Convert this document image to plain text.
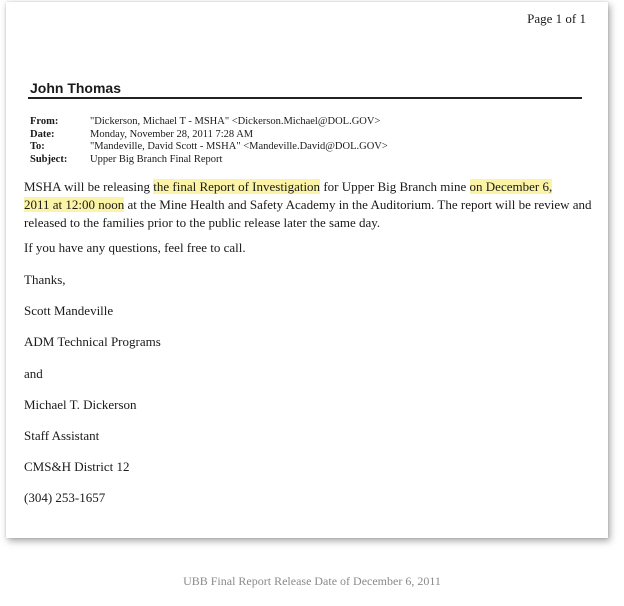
Page 1 of 1
John Thomas
From:	"Dickerson, Michael T - MSHA" <Dickerson.Michael@DOL.GOV>
Date:	Monday, November 28, 2011 7:28 AM
To:	"Mandeville, David Scott - MSHA" <Mandeville.David@DOL.GOV>
Subject:	Upper Big Branch Final Report
MSHA will be releasing the final Report of Investigation for Upper Big Branch mine on December 6,
2011 at 12:00 noon at the Mine Health and Safety Academy in the Auditorium. The report will be review and released to the families prior to the public release later the same day.
If you have any questions, feel free to call.
Thanks,
Scott Mandeville
ADM Technical Programs
and
Michael T. Dickerson
Staff Assistant
CMS&H District 12
(304) 253-1657
UBB Final Report Release Date of December 6, 2011
